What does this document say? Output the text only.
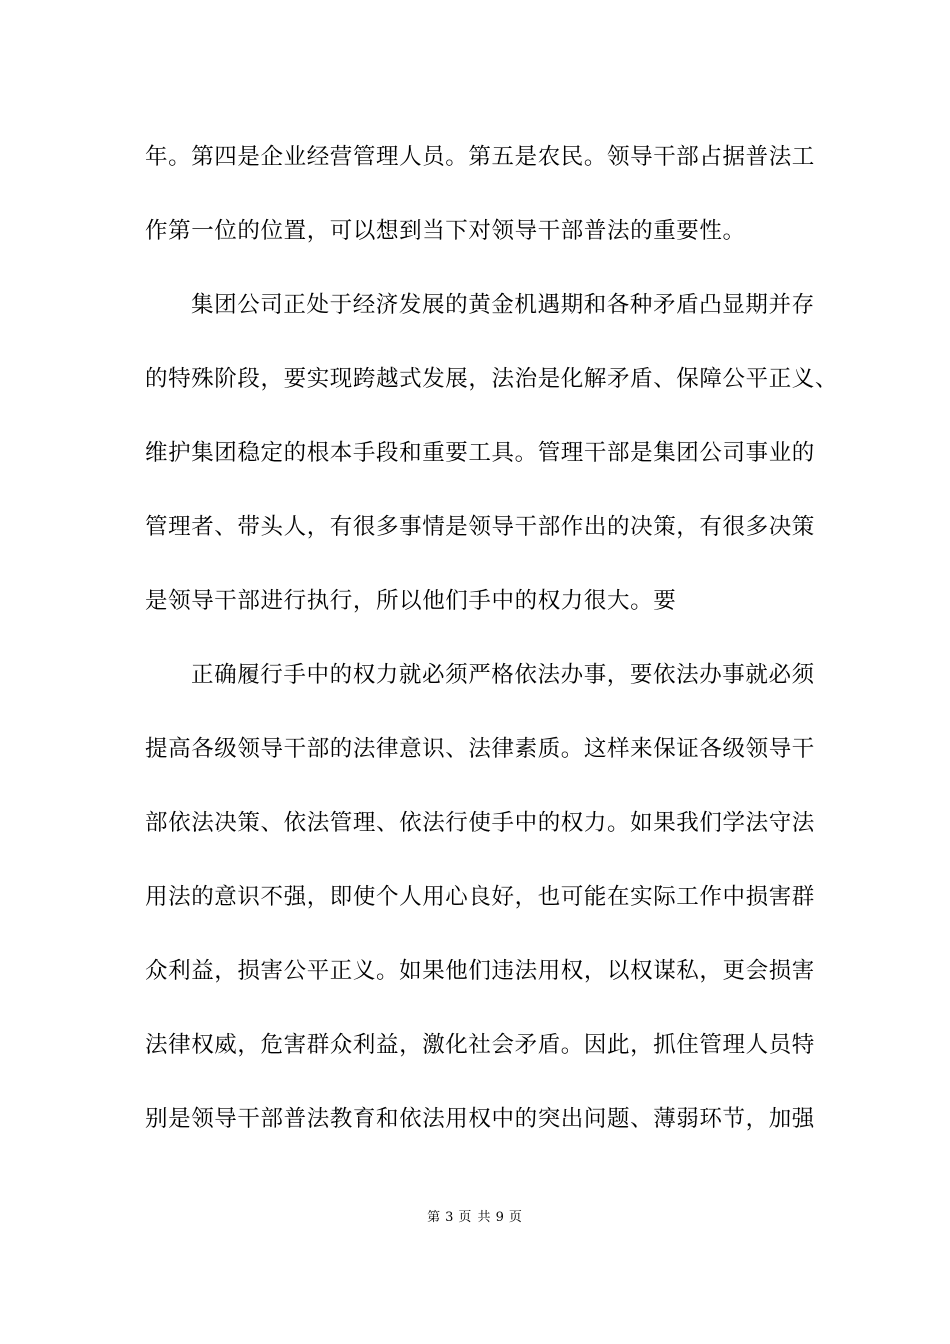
年。第四是企业经营管理人员。第五是农民。领导干部占据普法工
作第一位的位置，可以想到当下对领导干部普法的重要性。
集团公司正处于经济发展的黄金机遇期和各种矛盾凸显期并存
的特殊阶段，要实现跨越式发展，法治是化解矛盾、保障公平正义、
维护集团稳定的根本手段和重要工具。管理干部是集团公司事业的
管理者、带头人，有很多事情是领导干部作出的决策，有很多决策
是领导干部进行执行，所以他们手中的权力很大。要
正确履行手中的权力就必须严格依法办事，要依法办事就必须
提高各级领导干部的法律意识、法律素质。这样来保证各级领导干
部依法决策、依法管理、依法行使手中的权力。如果我们学法守法
用法的意识不强，即使个人用心良好，也可能在实际工作中损害群
众利益，损害公平正义。如果他们违法用权，以权谋私，更会损害
法律权威，危害群众利益，激化社会矛盾。因此，抓住管理人员特
别是领导干部普法教育和依法用权中的突出问题、薄弱环节，加强
第 3 页 共 9 页
